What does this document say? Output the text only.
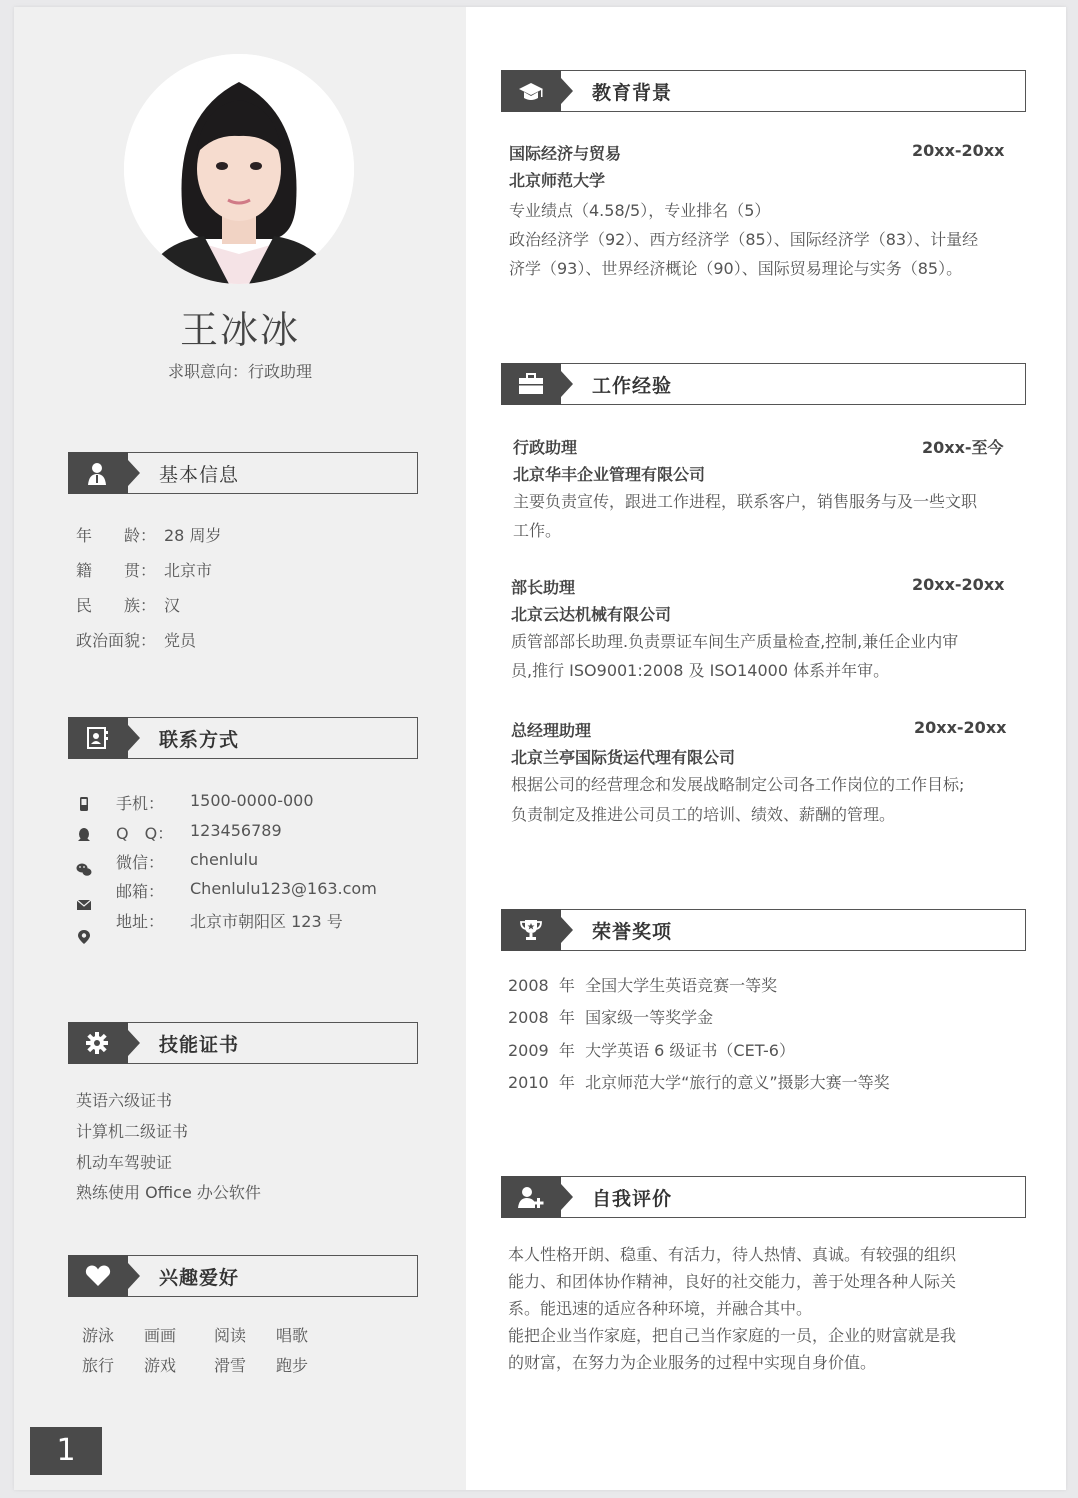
王冰冰
求职意向：行政助理
基本信息
年　　龄： 28 周岁
籍　　贯： 北京市
民　　族： 汉
政治面貌： 党员
联系方式
手机： 1500-0000-000
Q　Q： 123456789
微信： chenlulu
邮箱： Chenlulu123@163.com
地址： 北京市朝阳区 123 号
技能证书
英语六级证书
计算机二级证书
机动车驾驶证
熟练使用 Office 办公软件
兴趣爱好
游泳 画画 阅读 唱歌
旅行 游戏 滑雪 跑步
1
教育背景
国际经济与贸易	20xx-20xx
北京师范大学
专业绩点（4.58/5），专业排名（5）
政治经济学（92）、西方经济学（85）、国际经济学（83）、计量经
济学（93）、世界经济概论（90）、国际贸易理论与实务（85）。
工作经验
行政助理	20xx-至今
北京华丰企业管理有限公司
主要负责宣传，跟进工作进程，联系客户，销售服务与及一些文职
工作。
部长助理	20xx-20xx
北京云达机械有限公司
质管部部长助理.负责票证车间生产质量检查,控制,兼任企业内审
员,推行 ISO9001:2008 及 ISO14000 体系并年审。
总经理助理	20xx-20xx
北京兰亭国际货运代理有限公司
根据公司的经营理念和发展战略制定公司各工作岗位的工作目标;
负责制定及推进公司员工的培训、绩效、薪酬的管理。
荣誉奖项
2008  年  全国大学生英语竞赛一等奖
2008  年  国家级一等奖学金
2009  年  大学英语 6 级证书（CET-6）
2010  年  北京师范大学“旅行的意义”摄影大赛一等奖
自我评价
本人性格开朗、稳重、有活力，待人热情、真诚。有较强的组织
能力、和团体协作精神，良好的社交能力，善于处理各种人际关
系。能迅速的适应各种环境，并融合其中。
能把企业当作家庭，把自己当作家庭的一员，企业的财富就是我
的财富，在努力为企业服务的过程中实现自身价值。
